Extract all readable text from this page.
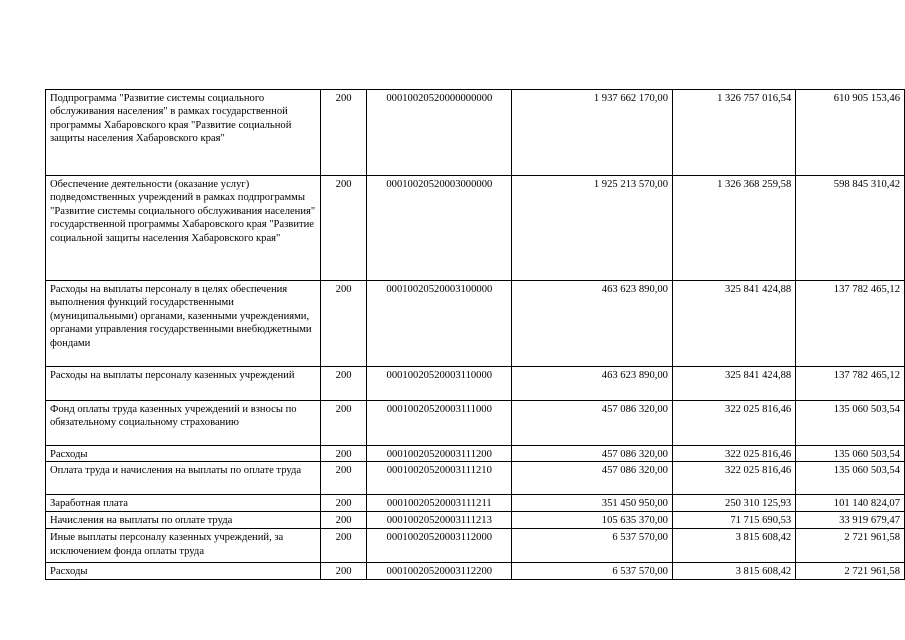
Подпрограмма "Развитие системы социального обслуживания населения" в рамках государственной программы Хабаровского края "Развитие социальной защиты населения Хабаровского края"	200	00010020520000000000	1 937 662 170,00	1 326 757 016,54	610 905 153,46
Обеспечение деятельности (оказание услуг) подведомственных учреждений в рамках подпрограммы "Развитие системы социального обслуживания населения" государственной программы Хабаровского края "Развитие социальной защиты населения Хабаровского края"	200	00010020520003000000	1 925 213 570,00	1 326 368 259,58	598 845 310,42
Расходы на выплаты персоналу в целях обеспечения выполнения функций государственными (муниципальными) органами, казенными учреждениями, органами управления государственными внебюджетными фондами	200	00010020520003100000	463 623 890,00	325 841 424,88	137 782 465,12
Расходы на выплаты персоналу казенных учреждений	200	00010020520003110000	463 623 890,00	325 841 424,88	137 782 465,12
Фонд оплаты труда казенных учреждений и взносы по обязательному социальному страхованию	200	00010020520003111000	457 086 320,00	322 025 816,46	135 060 503,54
Расходы	200	00010020520003111200	457 086 320,00	322 025 816,46	135 060 503,54
Оплата труда и начисления на выплаты по оплате труда	200	00010020520003111210	457 086 320,00	322 025 816,46	135 060 503,54
Заработная плата	200	00010020520003111211	351 450 950,00	250 310 125,93	101 140 824,07
Начисления на выплаты по оплате труда	200	00010020520003111213	105 635 370,00	71 715 690,53	33 919 679,47
Иные выплаты персоналу казенных учреждений, за исключением фонда оплаты труда	200	00010020520003112000	6 537 570,00	3 815 608,42	2 721 961,58
Расходы	200	00010020520003112200	6 537 570,00	3 815 608,42	2 721 961,58
